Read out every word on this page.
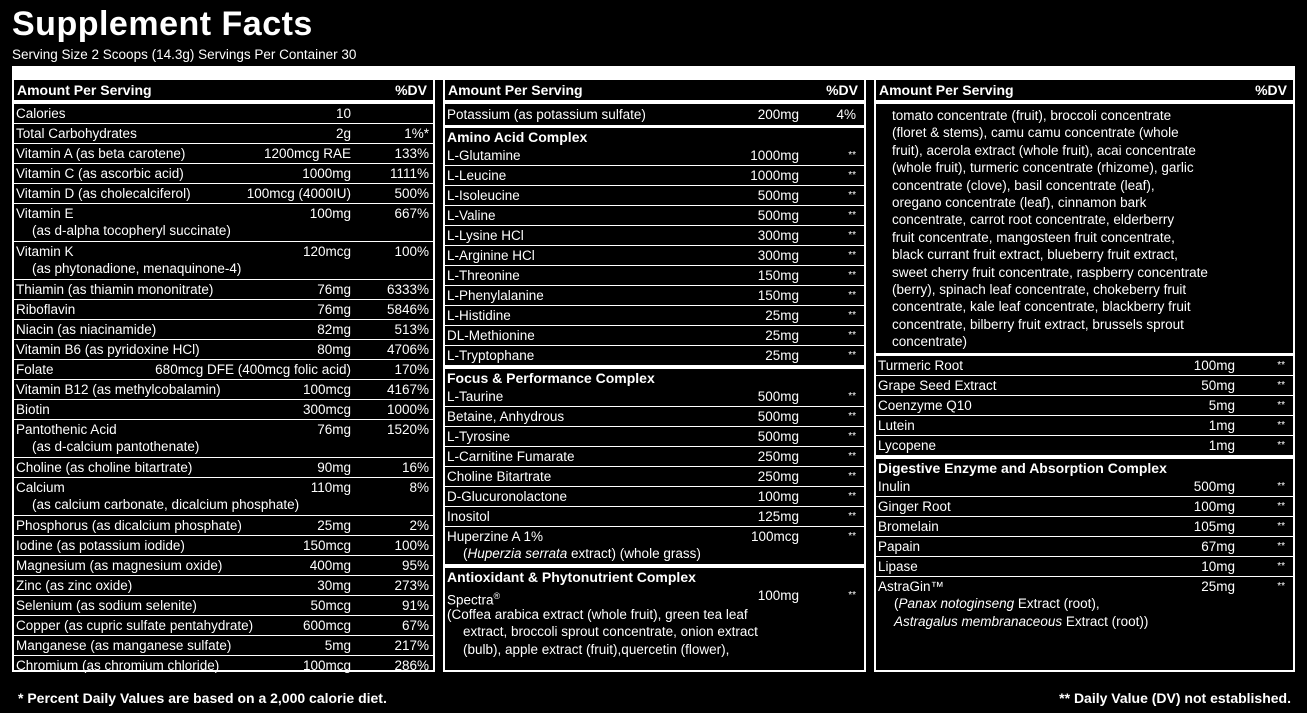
Supplement Facts
Serving Size 2 Scoops (14.3g) Servings Per Container 30
Amount Per Serving	%DV
Calories	10
Total Carbohydrates	2g	1%*
Vitamin A (as beta carotene)	1200mcg RAE	133%
Vitamin C (as ascorbic acid)	1000mg	1111%
Vitamin D (as cholecalciferol)	100mcg (4000IU)	500%
Vitamin E	100mg	667%
(as d-alpha tocopheryl succinate)
Vitamin K	120mcg	100%
(as phytonadione, menaquinone-4)
Thiamin (as thiamin mononitrate)	76mg	6333%
Riboflavin	76mg	5846%
Niacin (as niacinamide)	82mg	513%
Vitamin B6 (as pyridoxine HCl)	80mg	4706%
Folate	680mcg DFE (400mcg folic acid)	170%
Vitamin B12 (as methylcobalamin)	100mcg	4167%
Biotin	300mcg	1000%
Pantothenic Acid	76mg	1520%
(as d-calcium pantothenate)
Choline (as choline bitartrate)	90mg	16%
Calcium	110mg	8%
(as calcium carbonate, dicalcium phosphate)
Phosphorus (as dicalcium phosphate)	25mg	2%
Iodine (as potassium iodide)	150mcg	100%
Magnesium (as magnesium oxide)	400mg	95%
Zinc (as zinc oxide)	30mg	273%
Selenium (as sodium selenite)	50mcg	91%
Copper (as cupric sulfate pentahydrate)	600mcg	67%
Manganese (as manganese sulfate)	5mg	217%
Chromium (as chromium chloride)	100mcg	286%
Amount Per Serving	%DV
Potassium (as potassium sulfate)	200mg	4%
Amino Acid Complex
L-Glutamine	1000mg	**
L-Leucine	1000mg	**
L-Isoleucine	500mg	**
L-Valine	500mg	**
L-Lysine HCl	300mg	**
L-Arginine HCl	300mg	**
L-Threonine	150mg	**
L-Phenylalanine	150mg	**
L-Histidine	25mg	**
DL-Methionine	25mg	**
L-Tryptophane	25mg	**
Focus & Performance Complex
L-Taurine	500mg	**
Betaine, Anhydrous	500mg	**
L-Tyrosine	500mg	**
L-Carnitine Fumarate	250mg	**
Choline Bitartrate	250mg	**
D-Glucuronolactone	100mg	**
Inositol	125mg	**
Huperzine A 1%	100mcg	**
(Huperzia serrata extract) (whole grass)
Antioxidant & Phytonutrient Complex
Spectra®	100mg	**
(Coffea arabica extract (whole fruit), green tea leaf
extract, broccoli sprout concentrate, onion extract
(bulb), apple extract (fruit),quercetin (flower),
Amount Per Serving	%DV
tomato concentrate (fruit), broccoli concentrate
(floret & stems), camu camu concentrate (whole
fruit), acerola extract (whole fruit), acai concentrate
(whole fruit), turmeric concentrate (rhizome), garlic
concentrate (clove), basil concentrate (leaf),
oregano concentrate (leaf), cinnamon bark
concentrate, carrot root concentrate, elderberry
fruit concentrate, mangosteen fruit concentrate,
black currant fruit extract, blueberry fruit extract,
sweet cherry fruit concentrate, raspberry concentrate
(berry), spinach leaf concentrate, chokeberry fruit
concentrate, kale leaf concentrate, blackberry fruit
concentrate, bilberry fruit extract, brussels sprout
concentrate)
Turmeric Root	100mg	**
Grape Seed Extract	50mg	**
Coenzyme Q10	5mg	**
Lutein	1mg	**
Lycopene	1mg	**
Digestive Enzyme and Absorption Complex
Inulin	500mg	**
Ginger Root	100mg	**
Bromelain	105mg	**
Papain	67mg	**
Lipase	10mg	**
AstraGin™	25mg	**
(Panax notoginseng Extract (root),
Astragalus membranaceous Extract (root))
* Percent Daily Values are based on a 2,000 calorie diet.	** Daily Value (DV) not established.
